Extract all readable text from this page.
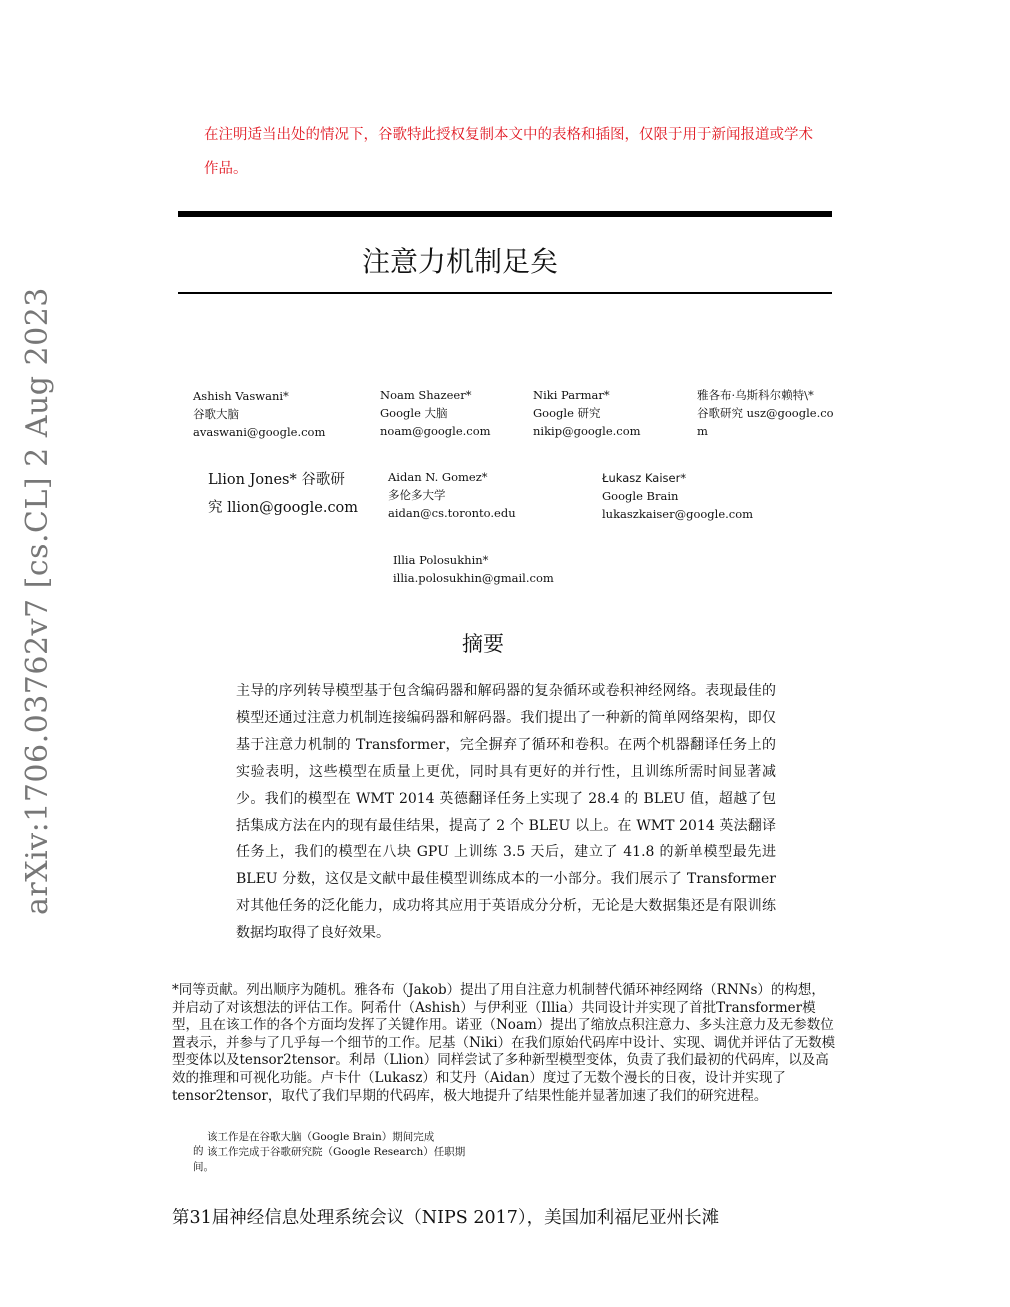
在注明适当出处的情况下，谷歌特此授权复制本文中的表格和插图，仅限于用于新闻报道或学术作品。
注意力机制足矣
arXiv:1706.03762v7 [cs.CL] 2 Aug 2023	Ashish Vaswani*
谷歌大脑
avaswani@google.com
Noam Shazeer*
Google 大脑
noam@google.com
Niki Parmar*
Google 研究
nikip@google.com
雅各布·乌斯科尔赖特\*
谷歌研究 usz@google.co
m
Llion Jones* 谷歌研
究 llion@google.com
Aidan N. Gomez*
多伦多大学
aidan@cs.toronto.edu
Łukasz Kaiser*
Google Brain
lukaszkaiser@google.com
Illia Polosukhin*
illia.polosukhin@gmail.com
摘要

主导的序列转导模型基于包含编码器和解码器的复杂循环或卷积神经网络。表现最佳的模型还通过注意力机制连接编码器和解码器。我们提出了一种新的简单网络架构，即仅基于注意力机制的 Transformer，完全摒弃了循环和卷积。在两个机器翻译任务上的实验表明，这些模型在质量上更优，同时具有更好的并行性，且训练所需时间显著减少。我们的模型在 WMT 2014 英德翻译任务上实现了 28.4 的 BLEU 值，超越了包括集成方法在内的现有最佳结果，提高了 2 个 BLEU 以上。在 WMT 2014 英法翻译任务上，我们的模型在八块 GPU 上训练 3.5 天后，建立了 41.8 的新单模型最先进 BLEU 分数，这仅是文献中最佳模型训练成本的一小部分。我们展示了 Transformer 对其他任务的泛化能力，成功将其应用于英语成分分析，无论是大数据集还是有限训练数据均取得了良好效果。

*同等贡献。列出顺序为随机。雅各布（Jakob）提出了用自注意力机制替代循环神经网络（RNNs）的构想，并启动了对该想法的评估工作。阿希什（Ashish）与伊利亚（Illia）共同设计并实现了首批Transformer模型，且在该工作的各个方面均发挥了关键作用。诺亚（Noam）提出了缩放点积注意力、多头注意力及无参数位置表示，并参与了几乎每一个细节的工作。尼基（Niki）在我们原始代码库中设计、实现、调优并评估了无数模型变体以及tensor2tensor。利昂（Llion）同样尝试了多种新型模型变体，负责了我们最初的代码库，以及高效的推理和可视化功能。卢卡什（Lukasz）和艾丹（Aidan）度过了无数个漫长的日夜，设计并实现了tensor2tensor，取代了我们早期的代码库，极大地提升了结果性能并显著加速了我们的研究进程。
该工作是在谷歌大脑（Google Brain）期间完成
的 该工作完成于谷歌研究院（Google Research）任职期
间。
第31届神经信息处理系统会议（NIPS 2017），美国加利福尼亚州长滩
